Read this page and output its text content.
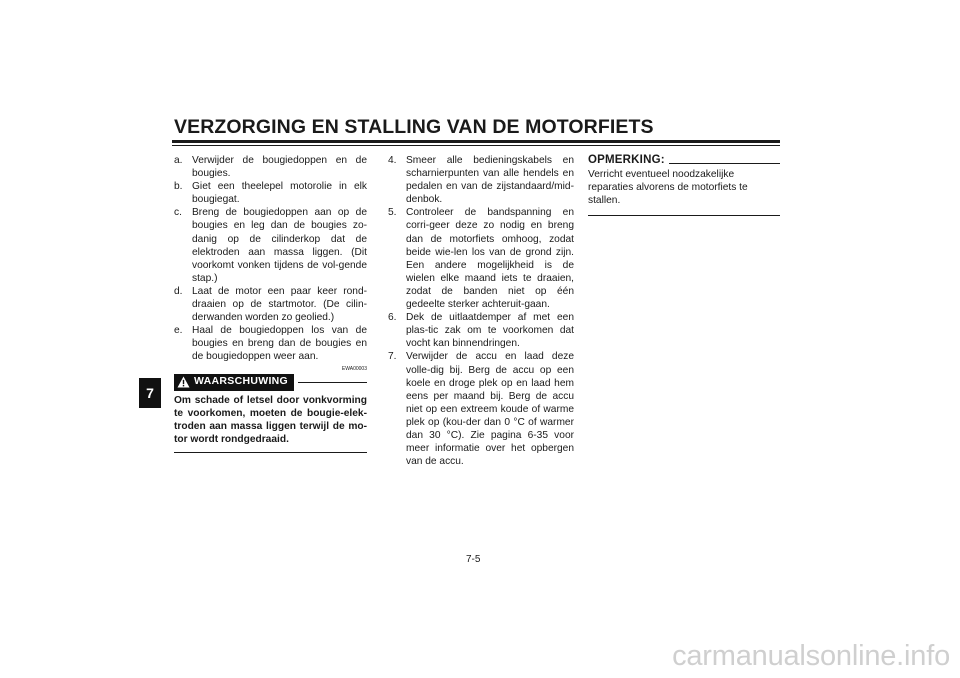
VERZORGING EN STALLING VAN DE MOTORFIETS
7
a. Verwijder de bougiedoppen en de bougies.
b. Giet een theelepel motorolie in elk bougiegat.
c. Breng de bougiedoppen aan op de bougies en leg dan de bougies zo-danig op de cilinderkop dat de elektroden aan massa liggen. (Dit voorkomt vonken tijdens de vol-gende stap.)
d. Laat de motor een paar keer rond-draaien op de startmotor. (De cilin-derwanden worden zo geolied.)
e. Haal de bougiedoppen los van de bougies en breng dan de bougies en de bougiedoppen weer aan.
EWA00003
WAARSCHUWING
Om schade of letsel door vonkvorming te voorkomen, moeten de bougie-elek-troden aan massa liggen terwijl de mo-tor wordt rondgedraaid.
4. Smeer alle bedieningskabels en scharnierpunten van alle hendels en pedalen en van de zijstandaard/mid-denbok.
5. Controleer de bandspanning en corri-geer deze zo nodig en breng dan de motorfiets omhoog, zodat beide wie-len los van de grond zijn. Een andere mogelijkheid is de wielen elke maand iets te draaien, zodat de banden niet op één gedeelte sterker achteruit-gaan.
6. Dek de uitlaatdemper af met een plas-tic zak om te voorkomen dat vocht kan binnendringen.
7. Verwijder de accu en laad deze volle-dig bij. Berg de accu op een koele en droge plek op en laad hem eens per maand bij. Berg de accu niet op een extreem koude of warme plek op (kou-der dan 0 °C of warmer dan 30 °C). Zie pagina 6-35 voor meer informatie over het opbergen van de accu.
OPMERKING:
Verricht eventueel noodzakelijke reparaties alvorens de motorfiets te stallen.
7-5
carmanualsonline.info
